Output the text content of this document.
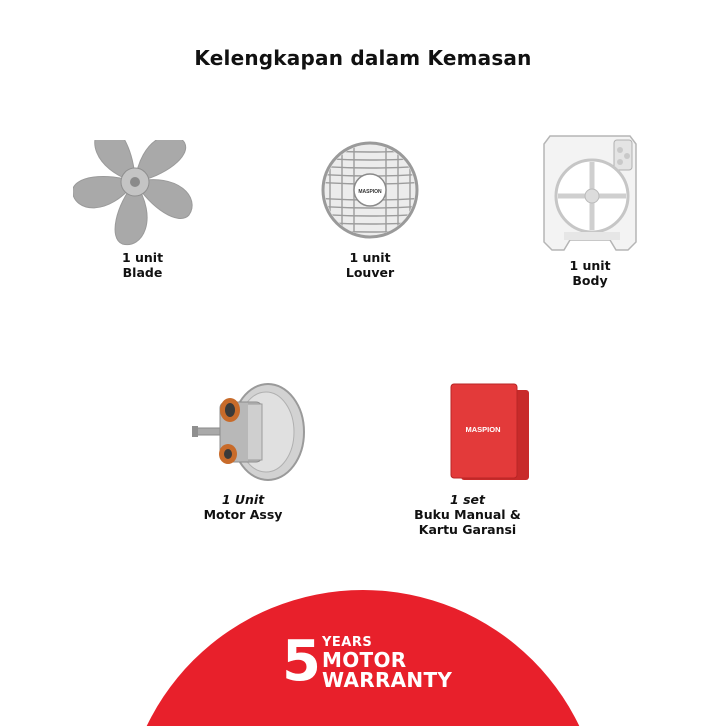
Kelengkapan dalam Kemasan
1 unit
Blade
MASPION
1 unit
Louver	1 unit
Body
1 Unit
Motor Assy
MASPION
1 set
Buku Manual &
Kartu Garansi
5 YEARS
MOTOR
WARRANTY
